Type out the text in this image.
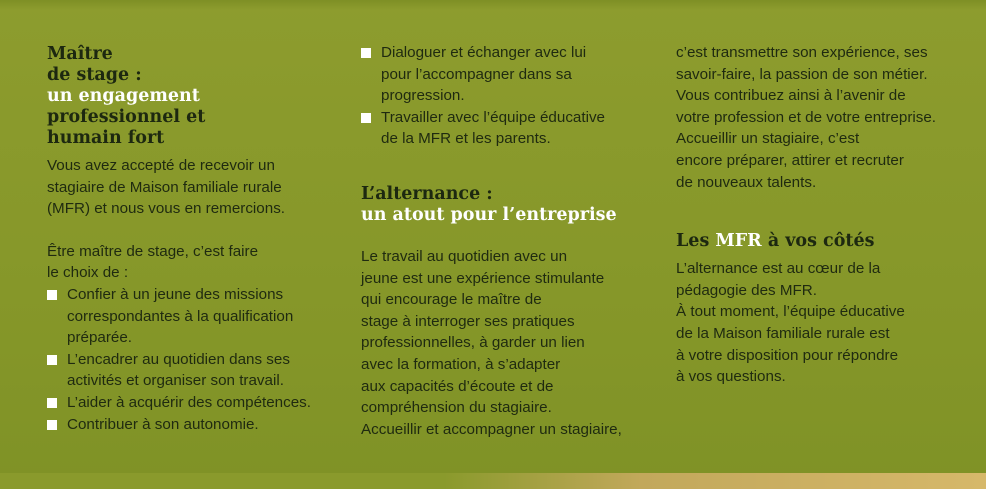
Maître
de stage :
un engagement
professionnel et
humain fort

Vous avez accepté de recevoir un
stagiaire de Maison familiale rurale
(MFR) et nous vous en remercions.

Être maître de stage, c’est faire
le choix de :

Confier à un jeune des missions
correspondantes à la qualification
préparée.
L’encadrer au quotidien dans ses
activités et organiser son travail.
L’aider à acquérir des compétences.
Contribuer à son autonomie.
Dialoguer et échanger avec lui
pour l’accompagner dans sa
progression.
Travailler avec l’équipe éducative
de la MFR et les parents.
L’alternance :
un atout pour l’entreprise

Le travail au quotidien avec un
jeune est une expérience stimulante
qui encourage le maître de
stage à interroger ses pratiques
professionnelles, à garder un lien
avec la formation, à s’adapter
aux capacités d’écoute et de
compréhension du stagiaire.
Accueillir et accompagner un stagiaire,

c’est transmettre son expérience, ses
savoir-faire, la passion de son métier.
Vous contribuez ainsi à l’avenir de
votre profession et de votre entreprise.
Accueillir un stagiaire, c’est
encore préparer, attirer et recruter
de nouveaux talents.

Les MFR à vos côtés

L’alternance est au cœur de la
pédagogie des MFR.
À tout moment, l’équipe éducative
de la Maison familiale rurale est
à votre disposition pour répondre
à vos questions.
